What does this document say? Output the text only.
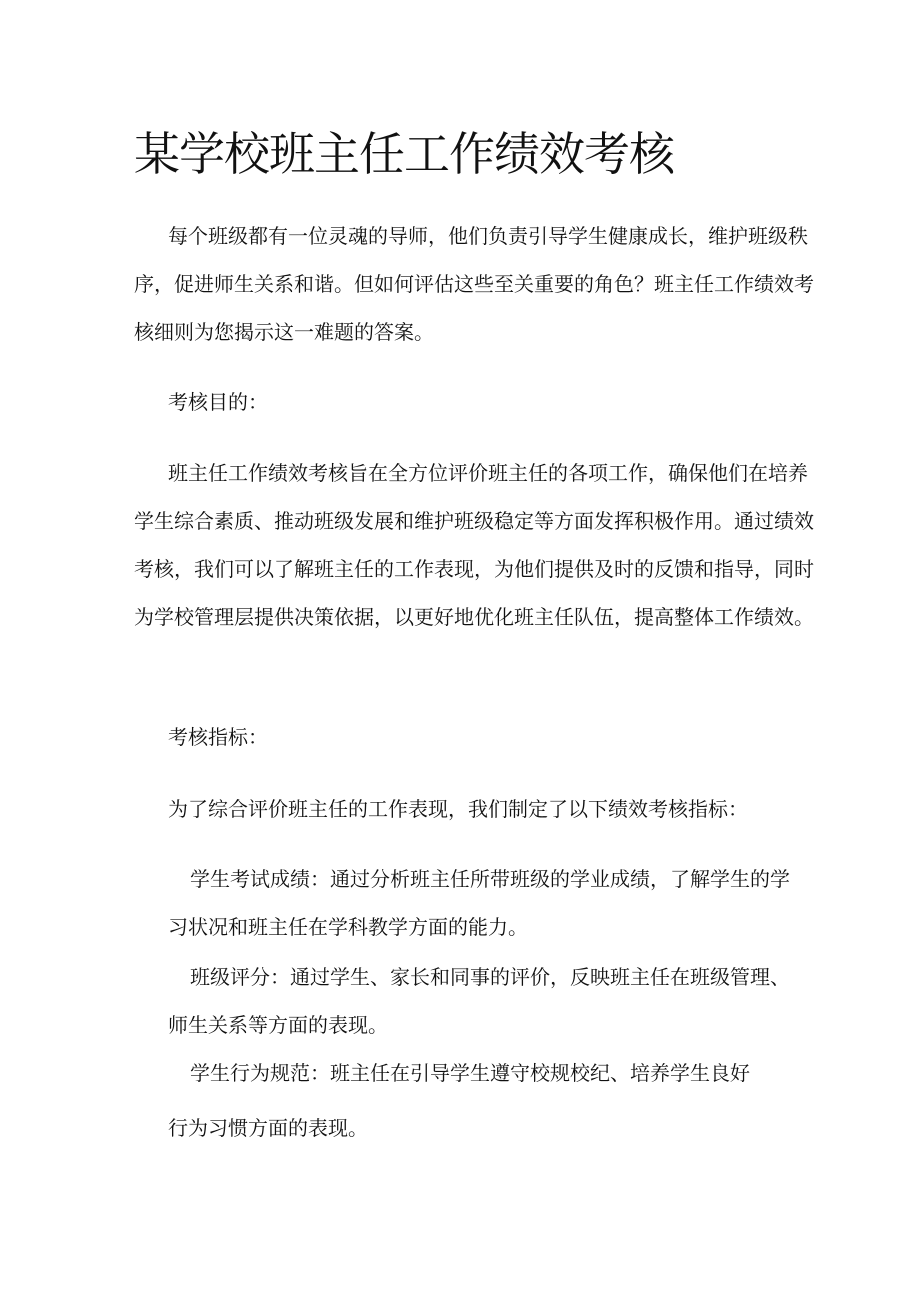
某学校班主任工作绩效考核

每个班级都有一位灵魂的导师，他们负责引导学生健康成长，维护班级秩序，促进师生关系和谐。但如何评估这些至关重要的角色？班主任工作绩效考核细则为您揭示这一难题的答案。

考核目的：

班主任工作绩效考核旨在全方位评价班主任的各项工作，确保他们在培养学生综合素质、推动班级发展和维护班级稳定等方面发挥积极作用。通过绩效考核，我们可以了解班主任的工作表现，为他们提供及时的反馈和指导，同时为学校管理层提供决策依据，以更好地优化班主任队伍，提高整体工作绩效。

考核指标：

为了综合评价班主任的工作表现，我们制定了以下绩效考核指标：

学生考试成绩：通过分析班主任所带班级的学业成绩，了解学生的学

习状况和班主任在学科教学方面的能力。

班级评分：通过学生、家长和同事的评价，反映班主任在班级管理、

师生关系等方面的表现。

学生行为规范：班主任在引导学生遵守校规校纪、培养学生良好

行为习惯方面的表现。
